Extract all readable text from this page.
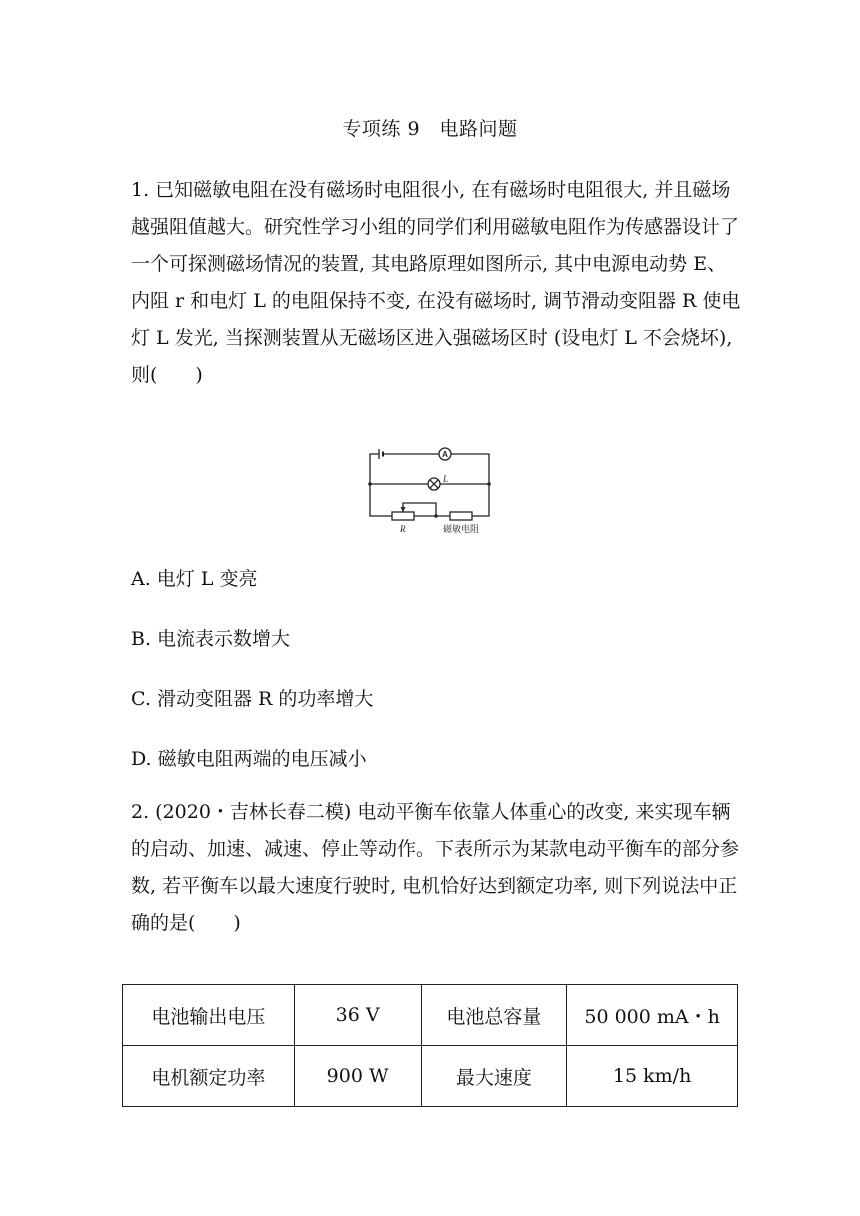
专项练 9　电路问题

1. 已知磁敏电阻在没有磁场时电阻很小, 在有磁场时电阻很大, 并且磁场越强阻值越大。研究性学习小组的同学们利用磁敏电阻作为传感器设计了一个可探测磁场情况的装置, 其电路原理如图所示, 其中电源电动势 E、内阻 r 和电灯 L 的电阻保持不变, 在没有磁场时, 调节滑动变阻器 R 使电灯 L 发光, 当探测装置从无磁场区进入强磁场区时 (设电灯 L 不会烧坏), 则(　　)

A
L
R	磁敏电阻

A. 电灯 L 变亮

B. 电流表示数增大

C. 滑动变阻器 R 的功率增大

D. 磁敏电阻两端的电压减小

2. (2020・吉林长春二模) 电动平衡车依靠人体重心的改变, 来实现车辆的启动、加速、减速、停止等动作。下表所示为某款电动平衡车的部分参数, 若平衡车以最大速度行驶时, 电机恰好达到额定功率, 则下列说法中正确的是(　　)

电池输出电压	36 V	电池总容量	50 000 mA・h
电机额定功率	900 W	最大速度	15 km/h
